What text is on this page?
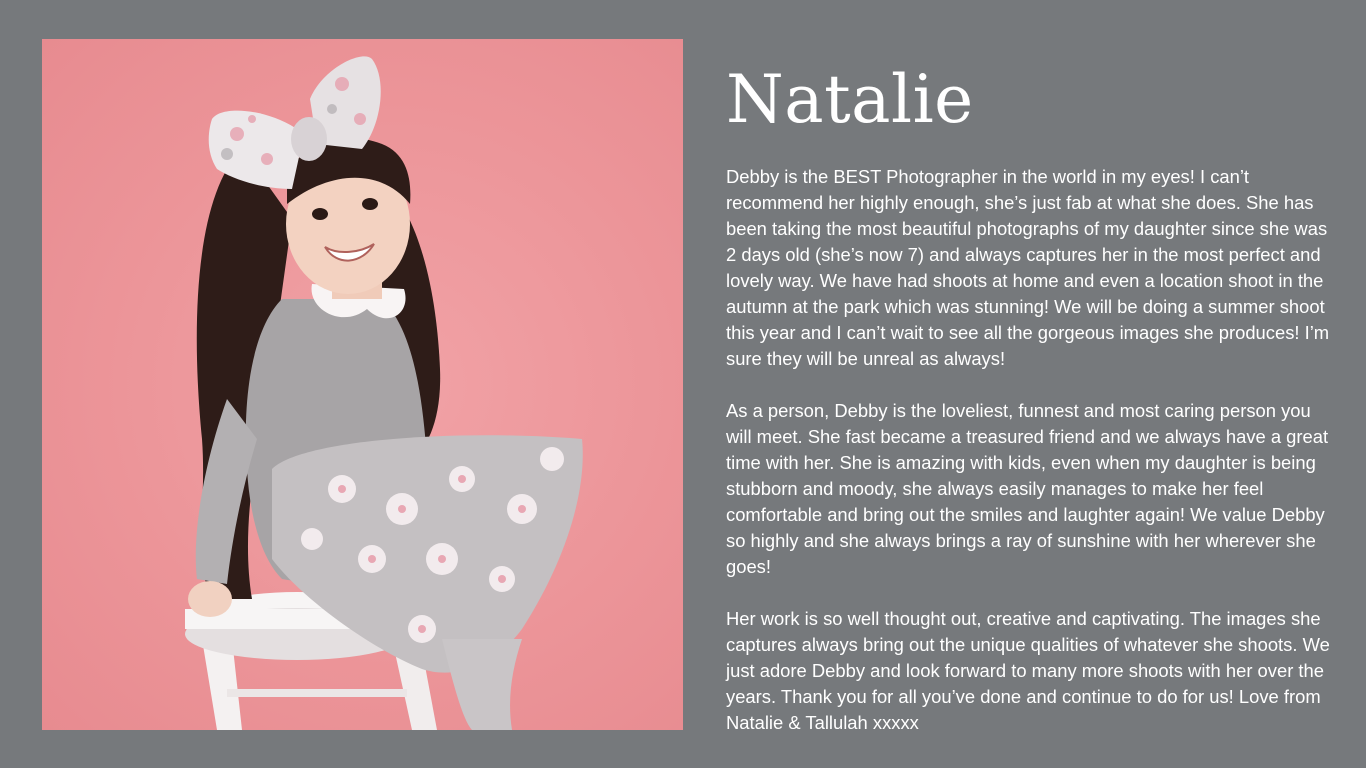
Natalie

Debby is the BEST Photographer in the world in my eyes! I can’t recommend her highly enough, she’s just fab at what she does. She has been taking the most beautiful photographs of my daughter since she was 2 days old (she’s now 7) and always captures her in the most perfect and lovely way. We have had shoots at home and even a location shoot in the autumn at the park which was stunning! We will be doing a summer shoot this year and I can’t wait to see all the gorgeous images she produces! I’m sure they will be unreal as always!

As a person, Debby is the loveliest, funnest and most caring person you will meet. She fast became a treasured friend and we always have a great time with her. She is amazing with kids, even when my daughter is being stubborn and moody, she always easily manages to make her feel comfortable and bring out the smiles and laughter again! We value Debby so highly and she always brings a ray of sunshine with her wherever she goes!

Her work is so well thought out, creative and captivating. The images she captures always bring out the unique qualities of whatever she shoots. We just adore Debby and look forward to many more shoots with her over the years. Thank you for all you’ve done and continue to do for us! Love from Natalie & Tallulah xxxxx
